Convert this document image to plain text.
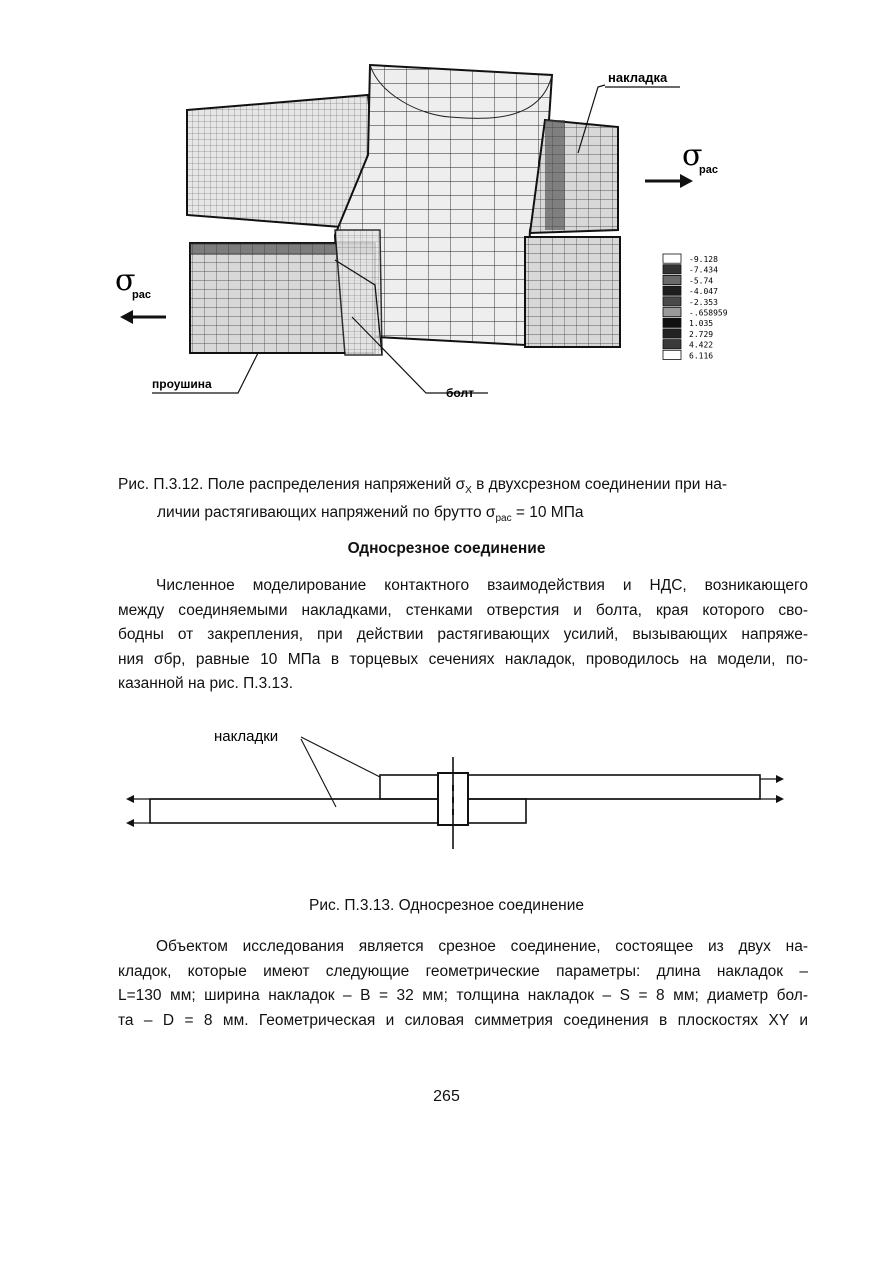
накладка
σ
рас
σ
рас
проушина
болт
-9.128
-7.434
-5.74
-4.047
-2.353
-.658959
1.035
2.729
4.422
6.116
Рис. П.3.12. Поле распределения напряжений $\sigma_X$ в двухсрезном соединении при на-
личии растягивающих напряжений по брутто $\sigma_{рас} = 10$ МПа
Односрезное соединение
Численное моделирование контактного взаимодействия и НДС, возникающего
между соединяемыми накладками, стенками отверстия и болта, края которого сво-
бодны от закрепления, при действии растягивающих усилий, вызывающих напряже-
ния σбр, равные 10 МПа в торцевых сечениях накладок, проводилось на модели, по-
казанной на рис. П.3.13.
накладки
Рис. П.3.13. Односрезное соединение
Объектом исследования является срезное соединение, состоящее из двух на-
кладок, которые имеют следующие геометрические параметры: длина накладок –
L=130 мм; ширина накладок – B = 32 мм; толщина накладок – S = 8 мм; диаметр бол-
та – D = 8 мм. Геометрическая и силовая симметрия соединения в плоскостях XY и
265
